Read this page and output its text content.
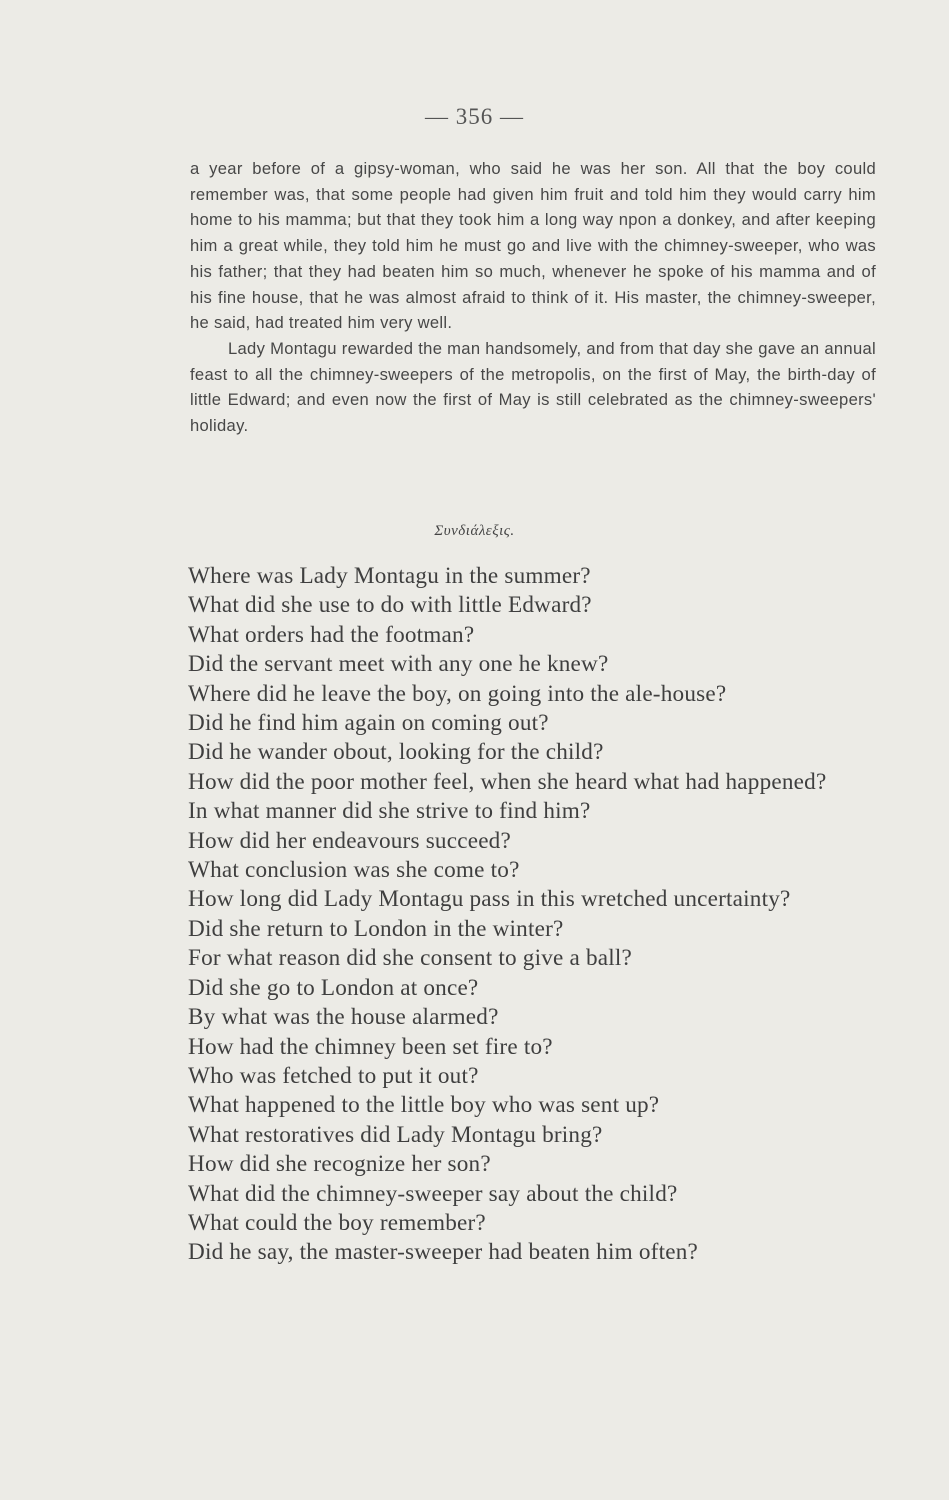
— 356 —

a year before of a gipsy-woman, who said he was her son. All that the boy could remember was, that some people had given him fruit and told him they would carry him home to his mamma; but that they took him a long way npon a donkey, and after keeping him a great while, they told him he must go and live with the chimney-sweeper, who was his father; that they had beaten him so much, whenever he spoke of his mamma and of his fine house, that he was almost afraid to think of it. His master, the chimney-sweeper, he said, had treated him very well.

Lady Montagu rewarded the man handsomely, and from that day she gave an annual feast to all the chimney-sweepers of the metropolis, on the first of May, the birth-day of little Edward; and even now the first of May is still celebrated as the chimney-sweepers' holiday.

Συνδιάλεξις.
Where was Lady Montagu in the summer?
What did she use to do with little Edward?
What orders had the footman?
Did the servant meet with any one he knew?
Where did he leave the boy, on going into the ale-house?
Did he find him again on coming out?
Did he wander obout, looking for the child?
How did the poor mother feel, when she heard what had happened?
In what manner did she strive to find him?
How did her endeavours succeed?
What conclusion was she come to?
How long did Lady Montagu pass in this wretched uncertainty?
Did she return to London in the winter?
For what reason did she consent to give a ball?
Did she go to London at once?
By what was the house alarmed?
How had the chimney been set fire to?
Who was fetched to put it out?
What happened to the little boy who was sent up?
What restoratives did Lady Montagu bring?
How did she recognize her son?
What did the chimney-sweeper say about the child?
What could the boy remember?
Did he say, the master-sweeper had beaten him often?
